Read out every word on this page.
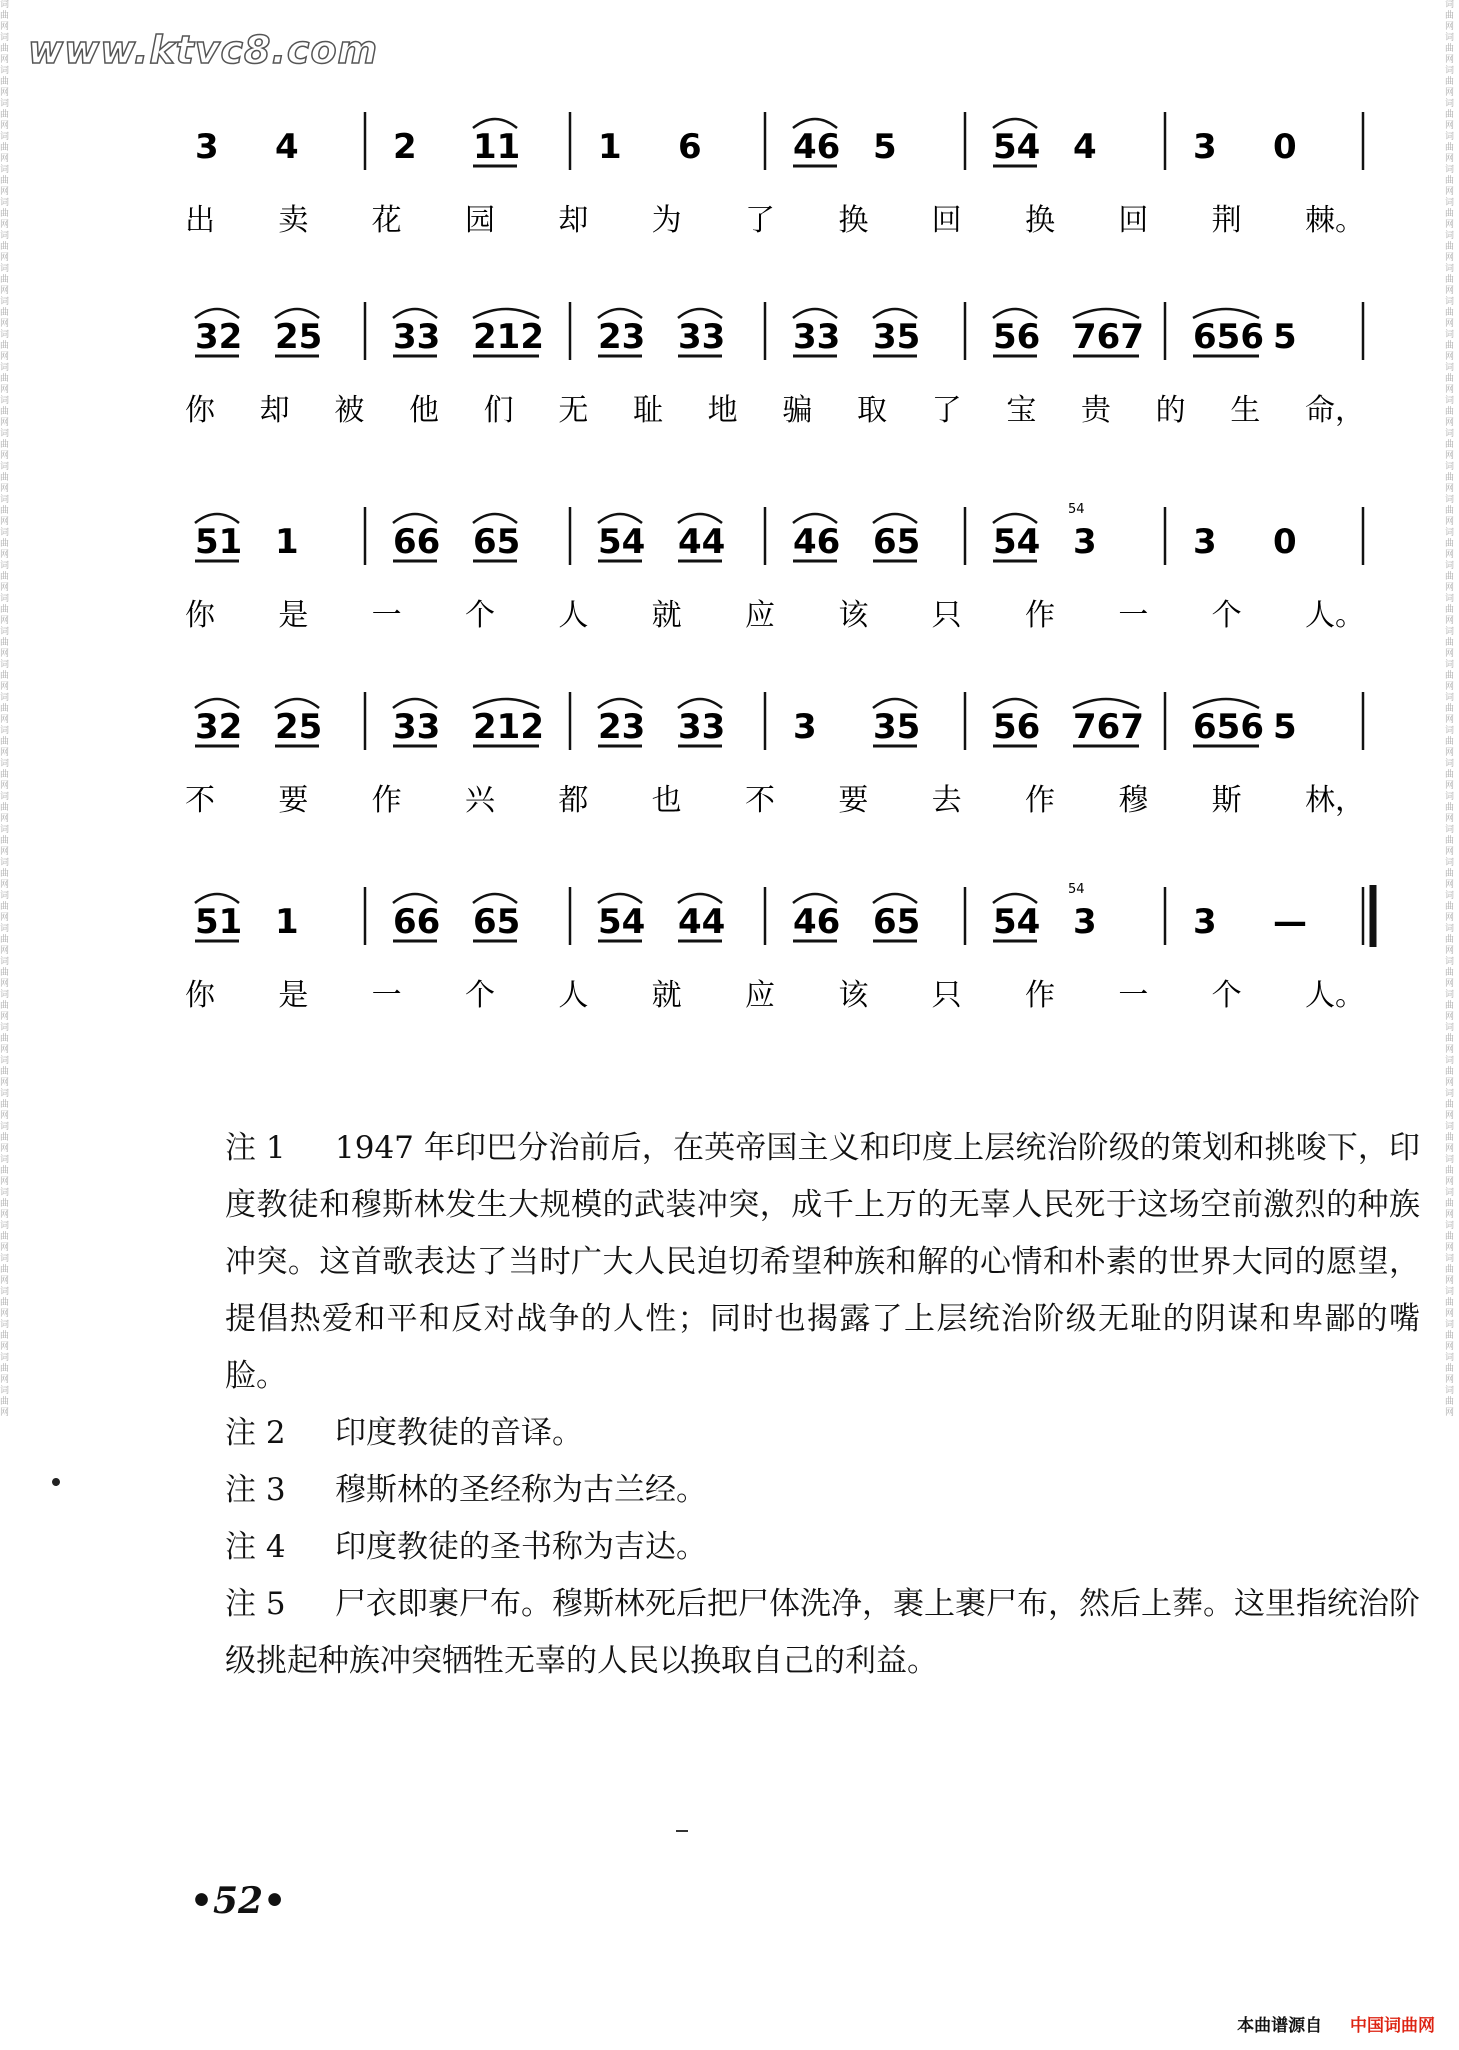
www.ktvc8.com
词曲网词曲网词曲网词曲网词曲网词曲网词曲网词曲网词曲网词曲网词曲网词曲网词曲网词曲网词曲网词曲网词曲网词曲网词曲网词曲网词曲网词曲网词曲网词曲网词曲网词曲网词曲网词曲网词曲网词曲网词曲网词曲网词曲网词曲网词曲网词曲网词曲网词曲网词曲网词曲网词曲网词曲网词曲网
词曲网词曲网词曲网词曲网词曲网词曲网词曲网词曲网词曲网词曲网词曲网词曲网词曲网词曲网词曲网词曲网词曲网词曲网词曲网词曲网词曲网词曲网词曲网词曲网词曲网词曲网词曲网词曲网词曲网词曲网词曲网词曲网词曲网词曲网词曲网词曲网词曲网词曲网词曲网词曲网词曲网词曲网词曲网
3 4	2 11 1 6	46 5	54 4	3 0
出 卖 花 园 却 为 了 换 回 换 回 荆 棘。
32 25 33 212 23 33 33 35 56 767 656 5
你 却 被 他 们 无 耻 地 骗 取 了 宝 贵 的 生 命，
51 1	66 65 54 44 46 65 54 3	3 0
54
你 是 一 个 人 就 应 该 只 作 一 个 人。
32 25 33 212 23 33 3 35 56 767 656 5
不 要 作 兴 都 也 不 要 去 作 穆 斯 林，
51 1	66 65 54 44 46 65 54 3	3 —
54
你 是 一 个 人 就 应 该 只 作 一 个 人。

注 1 1947 年印巴分治前后，在英帝国主义和印度上层统治阶级的策划和挑唆下，印度教徒和穆斯林发生大规模的武装冲突，成千上万的无辜人民死于这场空前激烈的种族冲突。这首歌表达了当时广大人民迫切希望种族和解的心情和朴素的世界大同的愿望，提倡热爱和平和反对战争的人性；同时也揭露了上层统治阶级无耻的阴谋和卑鄙的嘴脸。

注 2 印度教徒的音译。

注 3 穆斯林的圣经称为古兰经。

注 4 印度教徒的圣书称为吉达。

注 5 尸衣即裹尸布。穆斯林死后把尸体洗净，裹上裹尸布，然后上葬。这里指统治阶级挑起种族冲突牺牲无辜的人民以换取自己的利益。

•52•
本曲谱源自 中国词曲网
